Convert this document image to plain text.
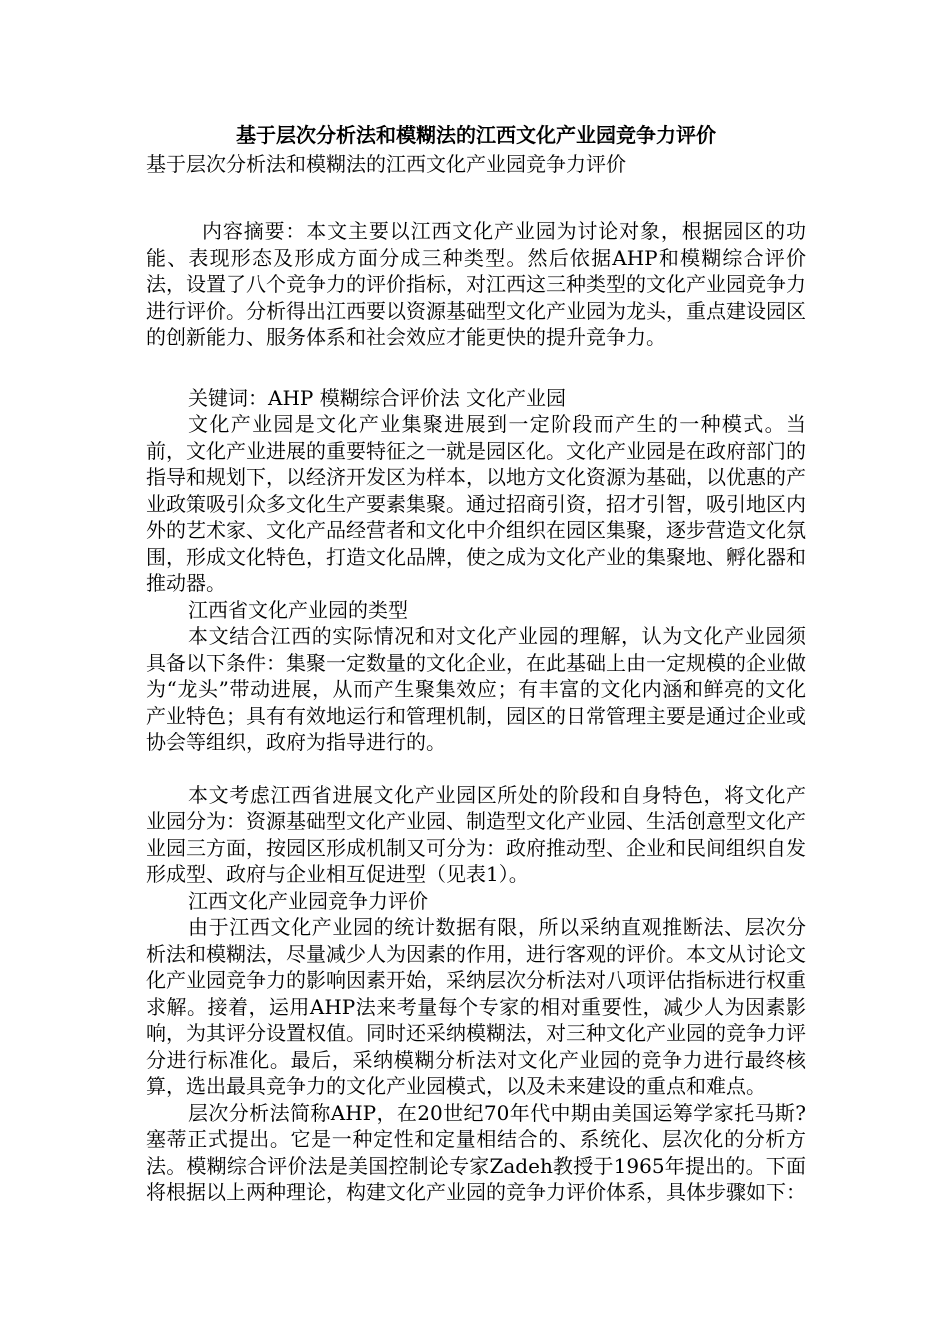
基于层次分析法和模糊法的江西文化产业园竞争力评价

基于层次分析法和模糊法的江西文化产业园竞争力评价

内容摘要：本文主要以江西文化产业园为讨论对象，根据园区的功能、表现形态及形成方面分成三种类型。然后依据AHP和模糊综合评价法，设置了八个竞争力的评价指标，对江西这三种类型的文化产业园竞争力进行评价。分析得出江西要以资源基础型文化产业园为龙头，重点建设园区的创新能力、服务体系和社会效应才能更快的提升竞争力。

关键词：AHP 模糊综合评价法 文化产业园

文化产业园是文化产业集聚进展到一定阶段而产生的一种模式。当前，文化产业进展的重要特征之一就是园区化。文化产业园是在政府部门的指导和规划下，以经济开发区为样本，以地方文化资源为基础，以优惠的产业政策吸引众多文化生产要素集聚。通过招商引资，招才引智，吸引地区内外的艺术家、文化产品经营者和文化中介组织在园区集聚，逐步营造文化氛围，形成文化特色，打造文化品牌，使之成为文化产业的集聚地、孵化器和推动器。

江西省文化产业园的类型

本文结合江西的实际情况和对文化产业园的理解，认为文化产业园须具备以下条件：集聚一定数量的文化企业，在此基础上由一定规模的企业做为“龙头”带动进展，从而产生聚集效应；有丰富的文化内涵和鲜亮的文化产业特色；具有有效地运行和管理机制，园区的日常管理主要是通过企业或协会等组织，政府为指导进行的。

本文考虑江西省进展文化产业园区所处的阶段和自身特色，将文化产业园分为：资源基础型文化产业园、制造型文化产业园、生活创意型文化产业园三方面，按园区形成机制又可分为：政府推动型、企业和民间组织自发形成型、政府与企业相互促进型（见表1）。

江西文化产业园竞争力评价

由于江西文化产业园的统计数据有限，所以采纳直观推断法、层次分析法和模糊法，尽量减少人为因素的作用，进行客观的评价。本文从讨论文化产业园竞争力的影响因素开始，采纳层次分析法对八项评估指标进行权重求解。接着，运用AHP法来考量每个专家的相对重要性，减少人为因素影响，为其评分设置权值。同时还采纳模糊法，对三种文化产业园的竞争力评分进行标准化。最后，采纳模糊分析法对文化产业园的竞争力进行最终核算，选出最具竞争力的文化产业园模式，以及未来建设的重点和难点。

层次分析法简称AHP，在20世纪70年代中期由美国运筹学家托马斯?塞蒂正式提出。它是一种定性和定量相结合的、系统化、层次化的分析方法。模糊综合评价法是美国控制论专家Zadeh教授于1965年提出的。下面将根据以上两种理论，构建文化产业园的竞争力评价体系，具体步骤如下：
